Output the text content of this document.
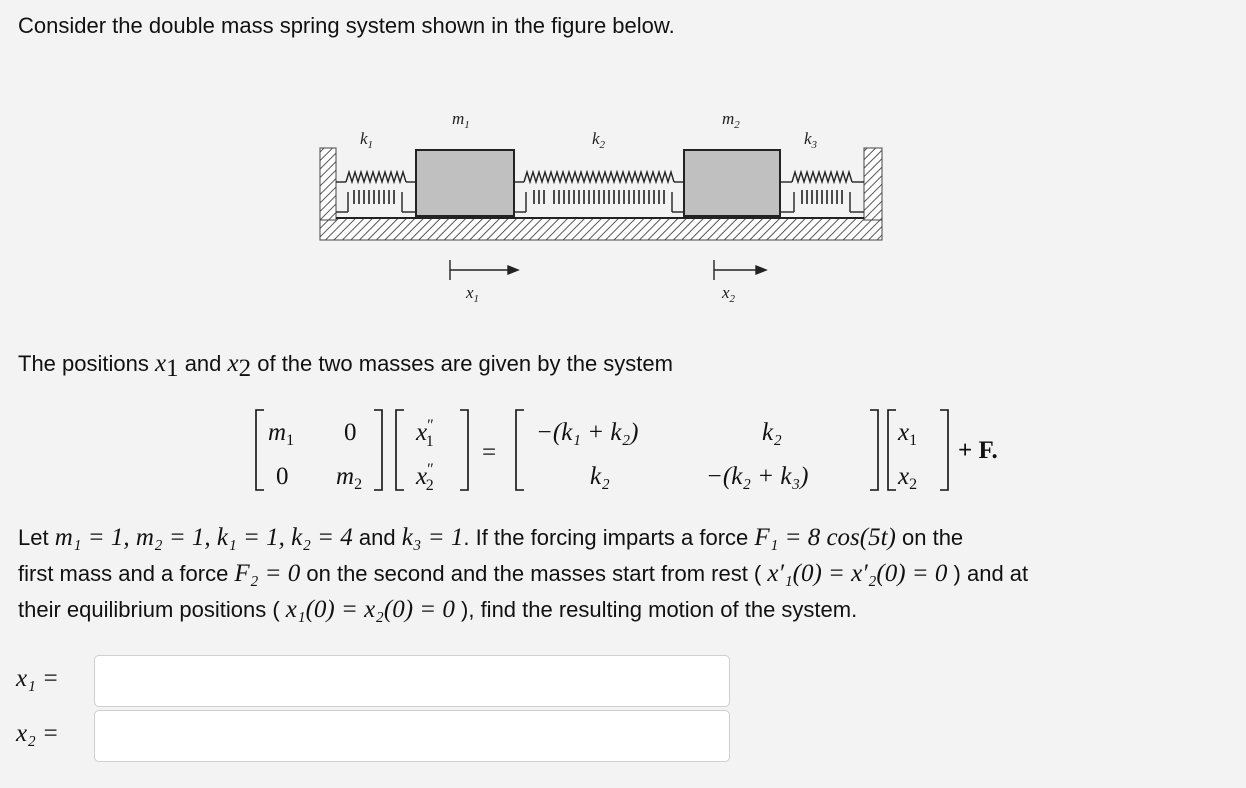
Consider the double mass spring system shown in the figure below.
$m_1$	$m_2$
$k_1$	$k_2$	$k_3$
$x_1$	$x_2$
The positions $x_1$ and $x_2$ of the two masses are given by the system
$m_1$ 0
0 $m_2$
x″ 1
x″ 2
=
−(k₁ + k₂)	k₂
k₂	−(k₂ + k₃)
$x_1$
$x_2$
+ F.
Let m₁ = 1, m₂ = 1, k₁ = 1, k₂ = 4 and k₃ = 1. If the forcing imparts a force F₁ = 8 cos(5t) on the
first mass and a force F₂ = 0 on the second and the masses start from rest ( x′₁(0) = x′₂(0) = 0 ) and at
their equilibrium positions ( x₁(0) = x₂(0) = 0 ), find the resulting motion of the system.
x₁ =
x₂ =
